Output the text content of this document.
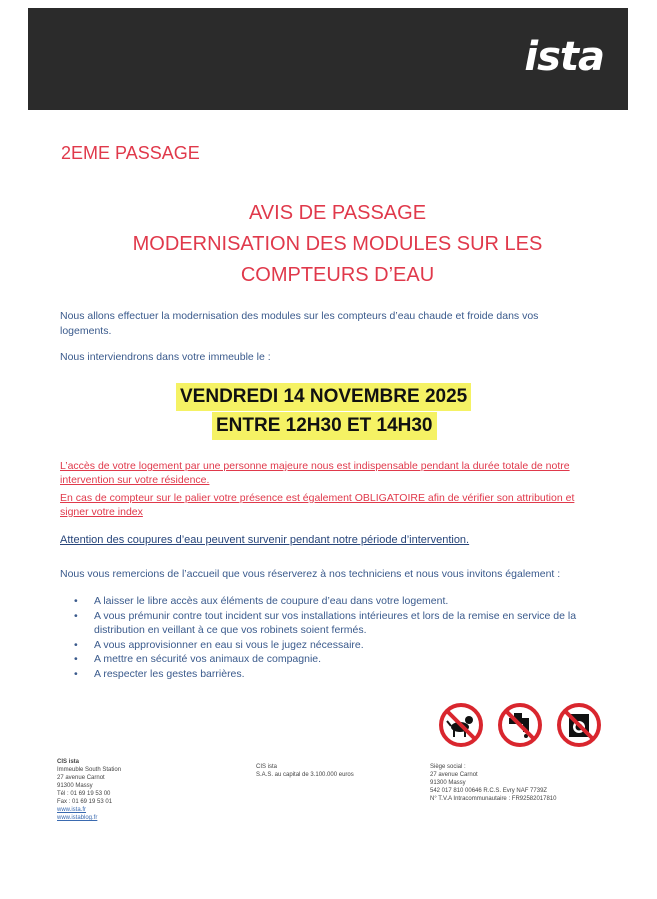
ista
2EME PASSAGE
AVIS DE PASSAGE
MODERNISATION DES MODULES SUR LES
COMPTEURS D’EAU
Nous allons effectuer la modernisation des modules sur les compteurs d’eau chaude et froide dans vos logements.
Nous interviendrons dans votre immeuble le :
VENDREDI 14 NOVEMBRE 2025
ENTRE 12H30 ET 14H30

L’accès de votre logement par une personne majeure nous est indispensable pendant la durée totale de notre intervention sur votre résidence.

En cas de compteur sur le palier votre présence est également OBLIGATOIRE afin de vérifier son attribution et signer votre index

Attention des coupures d’eau peuvent survenir pendant notre période d’intervention.
Nous vous remercions de l’accueil que vous réserverez à nos techniciens et nous vous invitons également :
• A laisser le libre accès aux éléments de coupure d’eau dans votre logement.
• A vous prémunir contre tout incident sur vos installations intérieures et lors de la remise en service de la distribution en veillant à ce que vos robinets soient fermés.
• A vous approvisionner en eau si vous le jugez nécessaire.
• A mettre en sécurité vos animaux de compagnie.
• A respecter les gestes barrières.
CIS ista
Immeuble South Station
27 avenue Carnot
91300 Massy
Tél : 01 69 19 53 00
Fax : 01 69 19 53 01
www.ista.fr
www.istablog.fr
CIS ista
S.A.S. au capital de 3.100.000 euros
Siège social :
27 avenue Carnot
91300 Massy
542 017 810 00646 R.C.S. Evry NAF 7739Z
N° T.V.A Intracommunautaire : FR92582017810
